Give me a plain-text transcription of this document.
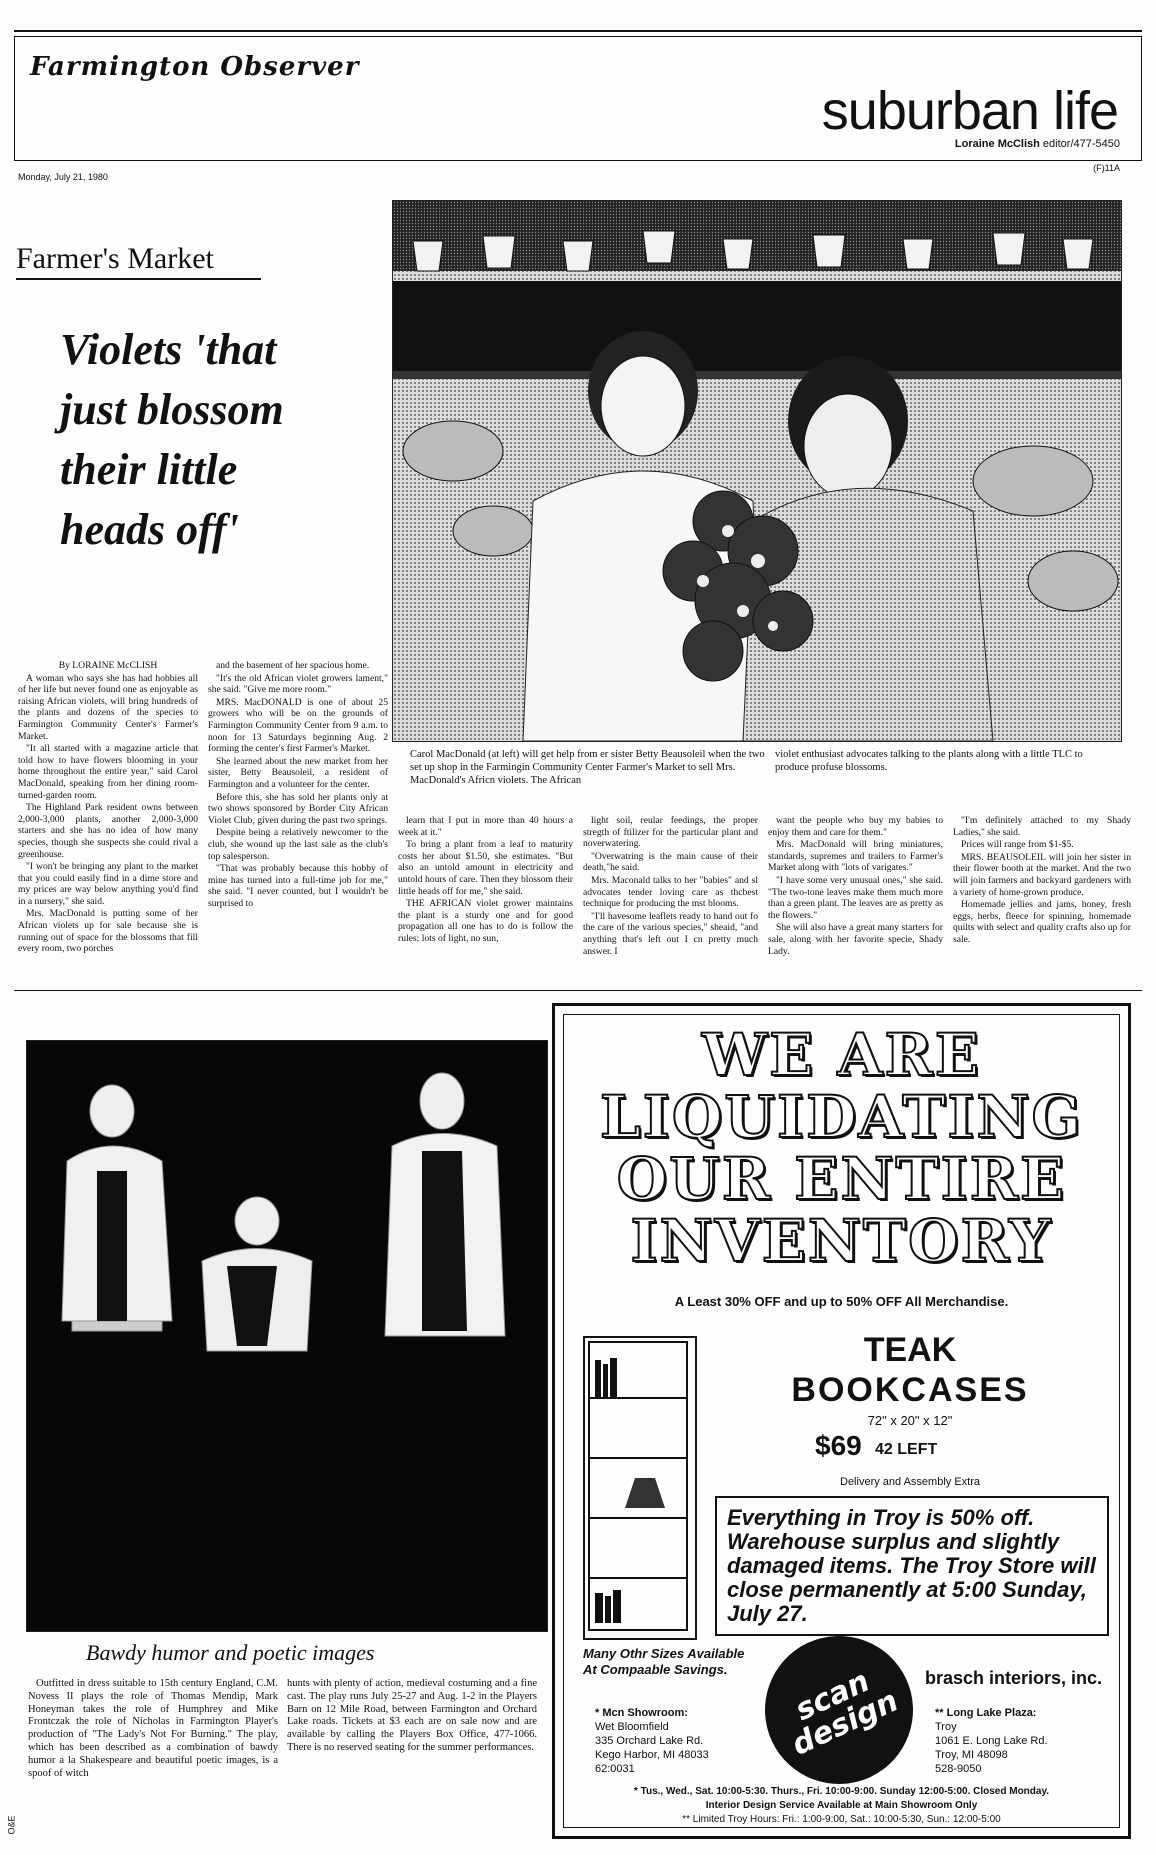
Farmington Observer
suburban life
Loraine McClish editor/477-5450
(F)11A
Monday, July 21, 1980
Farmer's Market
Violets 'that
just blossom
their little
heads off'
Carol MacDonald (at left) will get help from er sister Betty Beausoleil when the two set up shop in the Farmingin Community Center Farmer's Market to sell Mrs. MacDonald's Africn violets. The African
violet enthusiast advocates talking to the plants along with a little TLC to produce profuse blossoms.

By LORAINE McCLISH

A woman who says she has had hobbies all of her life but never found one as enjoyable as raising African violets, will bring hundreds of the plants and dozens of the species to Farmington Community Center's Farmer's Market.

"It all started with a magazine article that told how to have flowers blooming in your home throughout the entire year," said Carol MacDonald, speaking from her dining room-turned-garden room.

The Highland Park resident owns between 2,000-3,000 plants, another 2,000-3,000 starters and she has no idea of how many species, though she suspects she could rival a greenhouse.

"I won't be bringing any plant to the market that you could easily find in a dime store and my prices are way below anything you'd find in a nursery," she said.

Mrs. MacDonald is putting some of her African violets up for sale because she is running out of space for the blossoms that fill every room, two porches

and the basement of her spacious home.

"It's the old African violet growers lament," she said. "Give me more room."

MRS. MacDONALD is one of about 25 growers who will be on the grounds of Farmington Community Center from 9 a.m. to noon for 13 Saturdays beginning Aug. 2 forming the center's first Farmer's Market.

She learned about the new market from her sister, Betty Beausoleil, a resident of Farmington and a volunteer for the center.

Before this, she has sold her plants only at two shows sponsored by Border City African Violet Club, given during the past two springs.

Despite being a relatively newcomer to the club, she wound up the last sale as the club's top salesperson.

"That was probably because this hobby of mine has turned into a full-time job for me," she said. "I never counted, but I wouldn't be surprised to

learn that I put in more than 40 hours a week at it."

To bring a plant from a leaf to maturity costs her about $1.50, she estimates. "But also an untold amount in electricity and untold hours of care. Then they blossom their little heads off for me," she said.

THE AFRICAN violet grower maintains the plant is a sturdy one and for good propagation all one has to do is follow the rules: lots of light, no sun,

light soil, reular feedings, the proper stregth of ftilizer for the particular plant and noverwatering.

"Overwatring is the main cause of their death,"he said.

Mrs. Maconald talks to her "babies" and sl advocates tender loving care as thcbest technique for producing the mst blooms.

"I'll havesome leaflets ready to hand out fo the care of the various species," sheaid, "and anything that's left out I cn pretty much answer. I

want the people who buy my babies to enjoy them and care for them."

Mrs. MacDonald will bring miniatures, standards, supremes and trailers to Farmer's Market along with "lots of varigates."

"I have some very unusual ones," she said. "The two-tone leaves make them much more than a green plant. The leaves are as pretty as the flowers."

She will also have a great many starters for sale, along with her favorite specie, Shady Lady.

"I'm definitely attached to my Shady Ladies," she said.

Prices will range from $1-$5.

MRS. BEAUSOLEIL will join her sister in their flower booth at the market. And the two will join farmers and backyard gardeners with a variety of home-grown produce.

Homemade jellies and jams, honey, fresh eggs, herbs, fleece for spinning, homemade quilts with select and quality crafts also up for sale.

Bawdy humor and poetic images

Outfitted in dress suitable to 15th century England, C.M. Novess II plays the role of Thomas Mendip, Mark Honeyman takes the role of Humphrey and Mike Frontczak the role of Nicholas in Farmington Player's production of "The Lady's Not For Burning." The play, which has been described as a combination of bawdy humor a la Shakespeare and beautiful poetic images, is a spoof of witch

hunts with plenty of action, medieval costuming and a fine cast. The play runs July 25-27 and Aug. 1-2 in the Players Barn on 12 Mile Road, between Farmington and Orchard Lake roads. Tickets at $3 each are on sale now and are available by calling the Players Box Office, 477-1066. There is no reserved seating for the summer performances.

WE ARE
LIQUIDATING
OUR ENTIRE
INVENTORY
A Least 30% OFF and up to 50% OFF All Merchandise.
TEAK
BOOKCASES
72" x 20" x 12"
$69 42 LEFT
Delivery and Assembly Extra
Everything in Troy is 50% off. Warehouse surplus and slightly damaged items. The Troy Store will close permanently at 5:00 Sunday, July 27.
Many Othr Sizes Available
At Compaable Savings.	scan design
brasch interiors, inc.
* Mcn Showroom:
Wet Bloomfield
335 Orchard Lake Rd.
Kego Harbor, MI 48033
62:0031
** Long Lake Plaza:
Troy
1061 E. Long Lake Rd.
Troy, MI 48098
528-9050
* Tus., Wed., Sat. 10:00-5:30. Thurs., Fri. 10:00-9:00. Sunday 12:00-5:00. Closed Monday.
Interior Design Service Available at Main Showroom Only
** Limited Troy Hours: Fri.: 1:00-9:00, Sat.: 10:00-5:30, Sun.: 12:00-5:00
O&E
